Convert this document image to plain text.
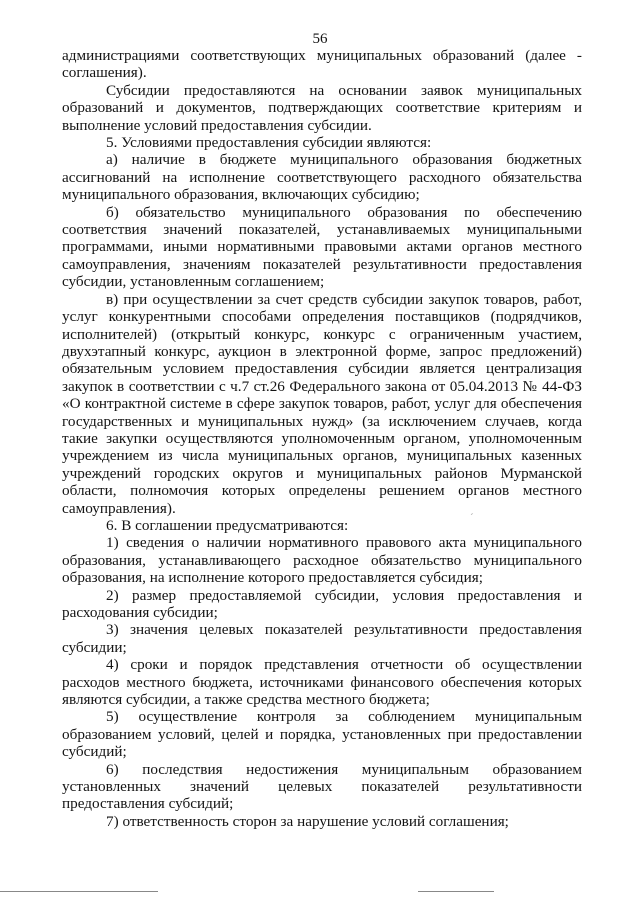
56

администрациями соответствующих муниципальных образований (далее - соглашения).

Субсидии предоставляются на основании заявок муниципальных образований и документов, подтверждающих соответствие критериям и выполнение условий предоставления субсидии.

5. Условиями предоставления субсидии являются:

а) наличие в бюджете муниципального образования бюджетных ассигнований на исполнение соответствующего расходного обязательства муниципального образования, включающих субсидию;

б) обязательство муниципального образования по обеспечению соответствия значений показателей, устанавливаемых муниципальными программами, иными нормативными правовыми актами органов местного самоуправления, значениям показателей результативности предоставления субсидии, установленным соглашением;

в) при осуществлении за счет средств субсидии закупок товаров, работ, услуг конкурентными способами определения поставщиков (подрядчиков, исполнителей) (открытый конкурс, конкурс с ограниченным участием, двухэтапный конкурс, аукцион в электронной форме, запрос предложений) обязательным условием предоставления субсидии является централизация закупок в соответствии с ч.7 ст.26 Федерального закона от 05.04.2013 № 44-ФЗ «О контрактной системе в сфере закупок товаров, работ, услуг для обеспечения государственных и муниципальных нужд» (за исключением случаев, когда такие закупки осуществляются уполномоченным органом, уполномоченным учреждением из числа муниципальных органов, муниципальных казенных учреждений городских округов и муниципальных районов Мурманской области, полномочия которых определены решением органов местного самоуправления).

6. В соглашении предусматриваются:

1) сведения о наличии нормативного правового акта муниципального образования, устанавливающего расходное обязательство муниципального образования, на исполнение которого предоставляется субсидия;

2) размер предоставляемой субсидии, условия предоставления и расходования субсидии;

3) значения целевых показателей результативности предоставления субсидии;

4) сроки и порядок представления отчетности об осуществлении расходов местного бюджета, источниками финансового обеспечения которых являются субсидии, а также средства местного бюджета;

5) осуществление контроля за соблюдением муниципальным образованием условий, целей и порядка, установленных при предоставлении субсидий;

6) последствия недостижения муниципальным образованием установленных значений целевых показателей результативности предоставления субсидий;

7) ответственность сторон за нарушение условий соглашения;

ˊ
